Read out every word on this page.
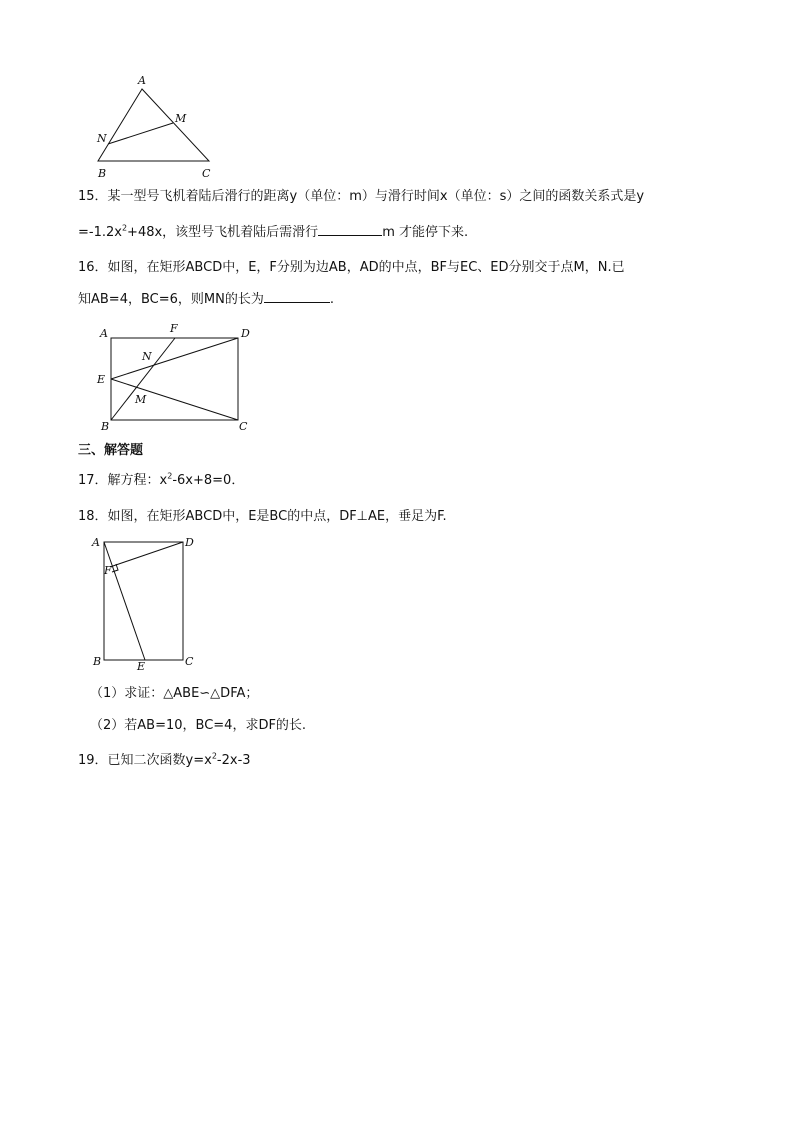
A
M
N
B	C
15．某一型号飞机着陆后滑行的距离y（单位：m）与滑行时间x（单位：s）之间的函数关系式是y
$=-1.2x^2+48x$，该型号飞机着陆后需滑行	m 才能停下来.
16．如图，在矩形ABCD中，E，F分别为边AB，AD的中点，BF与EC、ED分别交于点M，N.已
知AB=4，BC=6，则MN的长为	.
A	F	D
N
E
M
B	C
三、解答题
17．解方程：$x^2-6x+8=0$．
18．如图，在矩形ABCD中，E是BC的中点，DF⊥AE，垂足为F.
A	D
F
B	E	C
（1）求证：△ABE∽△DFA；
（2）若AB=10，BC=4，求DF的长.
19．已知二次函数$y=x^2-2x-3$
